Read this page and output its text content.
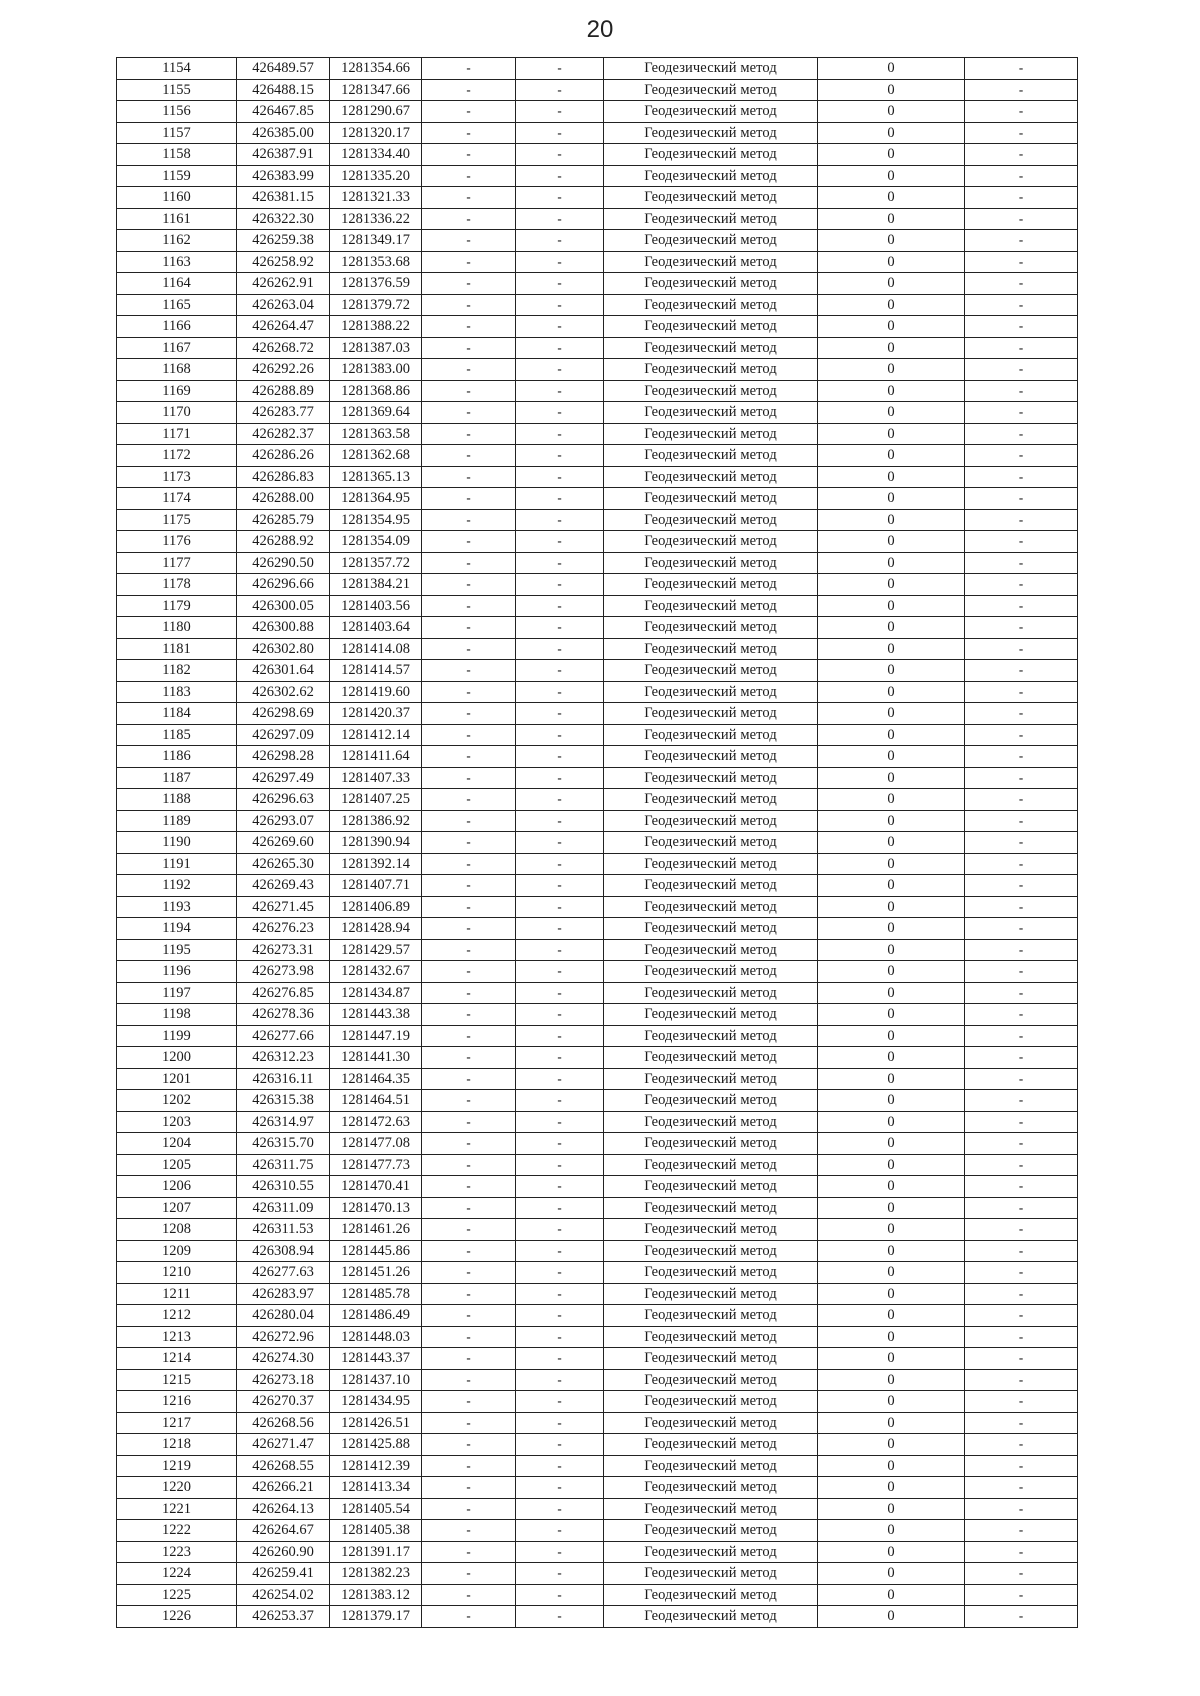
20
1154	426489.57	1281354.66	-	-	Геодезический метод	0	-
1155	426488.15	1281347.66	-	-	Геодезический метод	0	-
1156	426467.85	1281290.67	-	-	Геодезический метод	0	-
1157	426385.00	1281320.17	-	-	Геодезический метод	0	-
1158	426387.91	1281334.40	-	-	Геодезический метод	0	-
1159	426383.99	1281335.20	-	-	Геодезический метод	0	-
1160	426381.15	1281321.33	-	-	Геодезический метод	0	-
1161	426322.30	1281336.22	-	-	Геодезический метод	0	-
1162	426259.38	1281349.17	-	-	Геодезический метод	0	-
1163	426258.92	1281353.68	-	-	Геодезический метод	0	-
1164	426262.91	1281376.59	-	-	Геодезический метод	0	-
1165	426263.04	1281379.72	-	-	Геодезический метод	0	-
1166	426264.47	1281388.22	-	-	Геодезический метод	0	-
1167	426268.72	1281387.03	-	-	Геодезический метод	0	-
1168	426292.26	1281383.00	-	-	Геодезический метод	0	-
1169	426288.89	1281368.86	-	-	Геодезический метод	0	-
1170	426283.77	1281369.64	-	-	Геодезический метод	0	-
1171	426282.37	1281363.58	-	-	Геодезический метод	0	-
1172	426286.26	1281362.68	-	-	Геодезический метод	0	-
1173	426286.83	1281365.13	-	-	Геодезический метод	0	-
1174	426288.00	1281364.95	-	-	Геодезический метод	0	-
1175	426285.79	1281354.95	-	-	Геодезический метод	0	-
1176	426288.92	1281354.09	-	-	Геодезический метод	0	-
1177	426290.50	1281357.72	-	-	Геодезический метод	0	-
1178	426296.66	1281384.21	-	-	Геодезический метод	0	-
1179	426300.05	1281403.56	-	-	Геодезический метод	0	-
1180	426300.88	1281403.64	-	-	Геодезический метод	0	-
1181	426302.80	1281414.08	-	-	Геодезический метод	0	-
1182	426301.64	1281414.57	-	-	Геодезический метод	0	-
1183	426302.62	1281419.60	-	-	Геодезический метод	0	-
1184	426298.69	1281420.37	-	-	Геодезический метод	0	-
1185	426297.09	1281412.14	-	-	Геодезический метод	0	-
1186	426298.28	1281411.64	-	-	Геодезический метод	0	-
1187	426297.49	1281407.33	-	-	Геодезический метод	0	-
1188	426296.63	1281407.25	-	-	Геодезический метод	0	-
1189	426293.07	1281386.92	-	-	Геодезический метод	0	-
1190	426269.60	1281390.94	-	-	Геодезический метод	0	-
1191	426265.30	1281392.14	-	-	Геодезический метод	0	-
1192	426269.43	1281407.71	-	-	Геодезический метод	0	-
1193	426271.45	1281406.89	-	-	Геодезический метод	0	-
1194	426276.23	1281428.94	-	-	Геодезический метод	0	-
1195	426273.31	1281429.57	-	-	Геодезический метод	0	-
1196	426273.98	1281432.67	-	-	Геодезический метод	0	-
1197	426276.85	1281434.87	-	-	Геодезический метод	0	-
1198	426278.36	1281443.38	-	-	Геодезический метод	0	-
1199	426277.66	1281447.19	-	-	Геодезический метод	0	-
1200	426312.23	1281441.30	-	-	Геодезический метод	0	-
1201	426316.11	1281464.35	-	-	Геодезический метод	0	-
1202	426315.38	1281464.51	-	-	Геодезический метод	0	-
1203	426314.97	1281472.63	-	-	Геодезический метод	0	-
1204	426315.70	1281477.08	-	-	Геодезический метод	0	-
1205	426311.75	1281477.73	-	-	Геодезический метод	0	-
1206	426310.55	1281470.41	-	-	Геодезический метод	0	-
1207	426311.09	1281470.13	-	-	Геодезический метод	0	-
1208	426311.53	1281461.26	-	-	Геодезический метод	0	-
1209	426308.94	1281445.86	-	-	Геодезический метод	0	-
1210	426277.63	1281451.26	-	-	Геодезический метод	0	-
1211	426283.97	1281485.78	-	-	Геодезический метод	0	-
1212	426280.04	1281486.49	-	-	Геодезический метод	0	-
1213	426272.96	1281448.03	-	-	Геодезический метод	0	-
1214	426274.30	1281443.37	-	-	Геодезический метод	0	-
1215	426273.18	1281437.10	-	-	Геодезический метод	0	-
1216	426270.37	1281434.95	-	-	Геодезический метод	0	-
1217	426268.56	1281426.51	-	-	Геодезический метод	0	-
1218	426271.47	1281425.88	-	-	Геодезический метод	0	-
1219	426268.55	1281412.39	-	-	Геодезический метод	0	-
1220	426266.21	1281413.34	-	-	Геодезический метод	0	-
1221	426264.13	1281405.54	-	-	Геодезический метод	0	-
1222	426264.67	1281405.38	-	-	Геодезический метод	0	-
1223	426260.90	1281391.17	-	-	Геодезический метод	0	-
1224	426259.41	1281382.23	-	-	Геодезический метод	0	-
1225	426254.02	1281383.12	-	-	Геодезический метод	0	-
1226	426253.37	1281379.17	-	-	Геодезический метод	0	-
